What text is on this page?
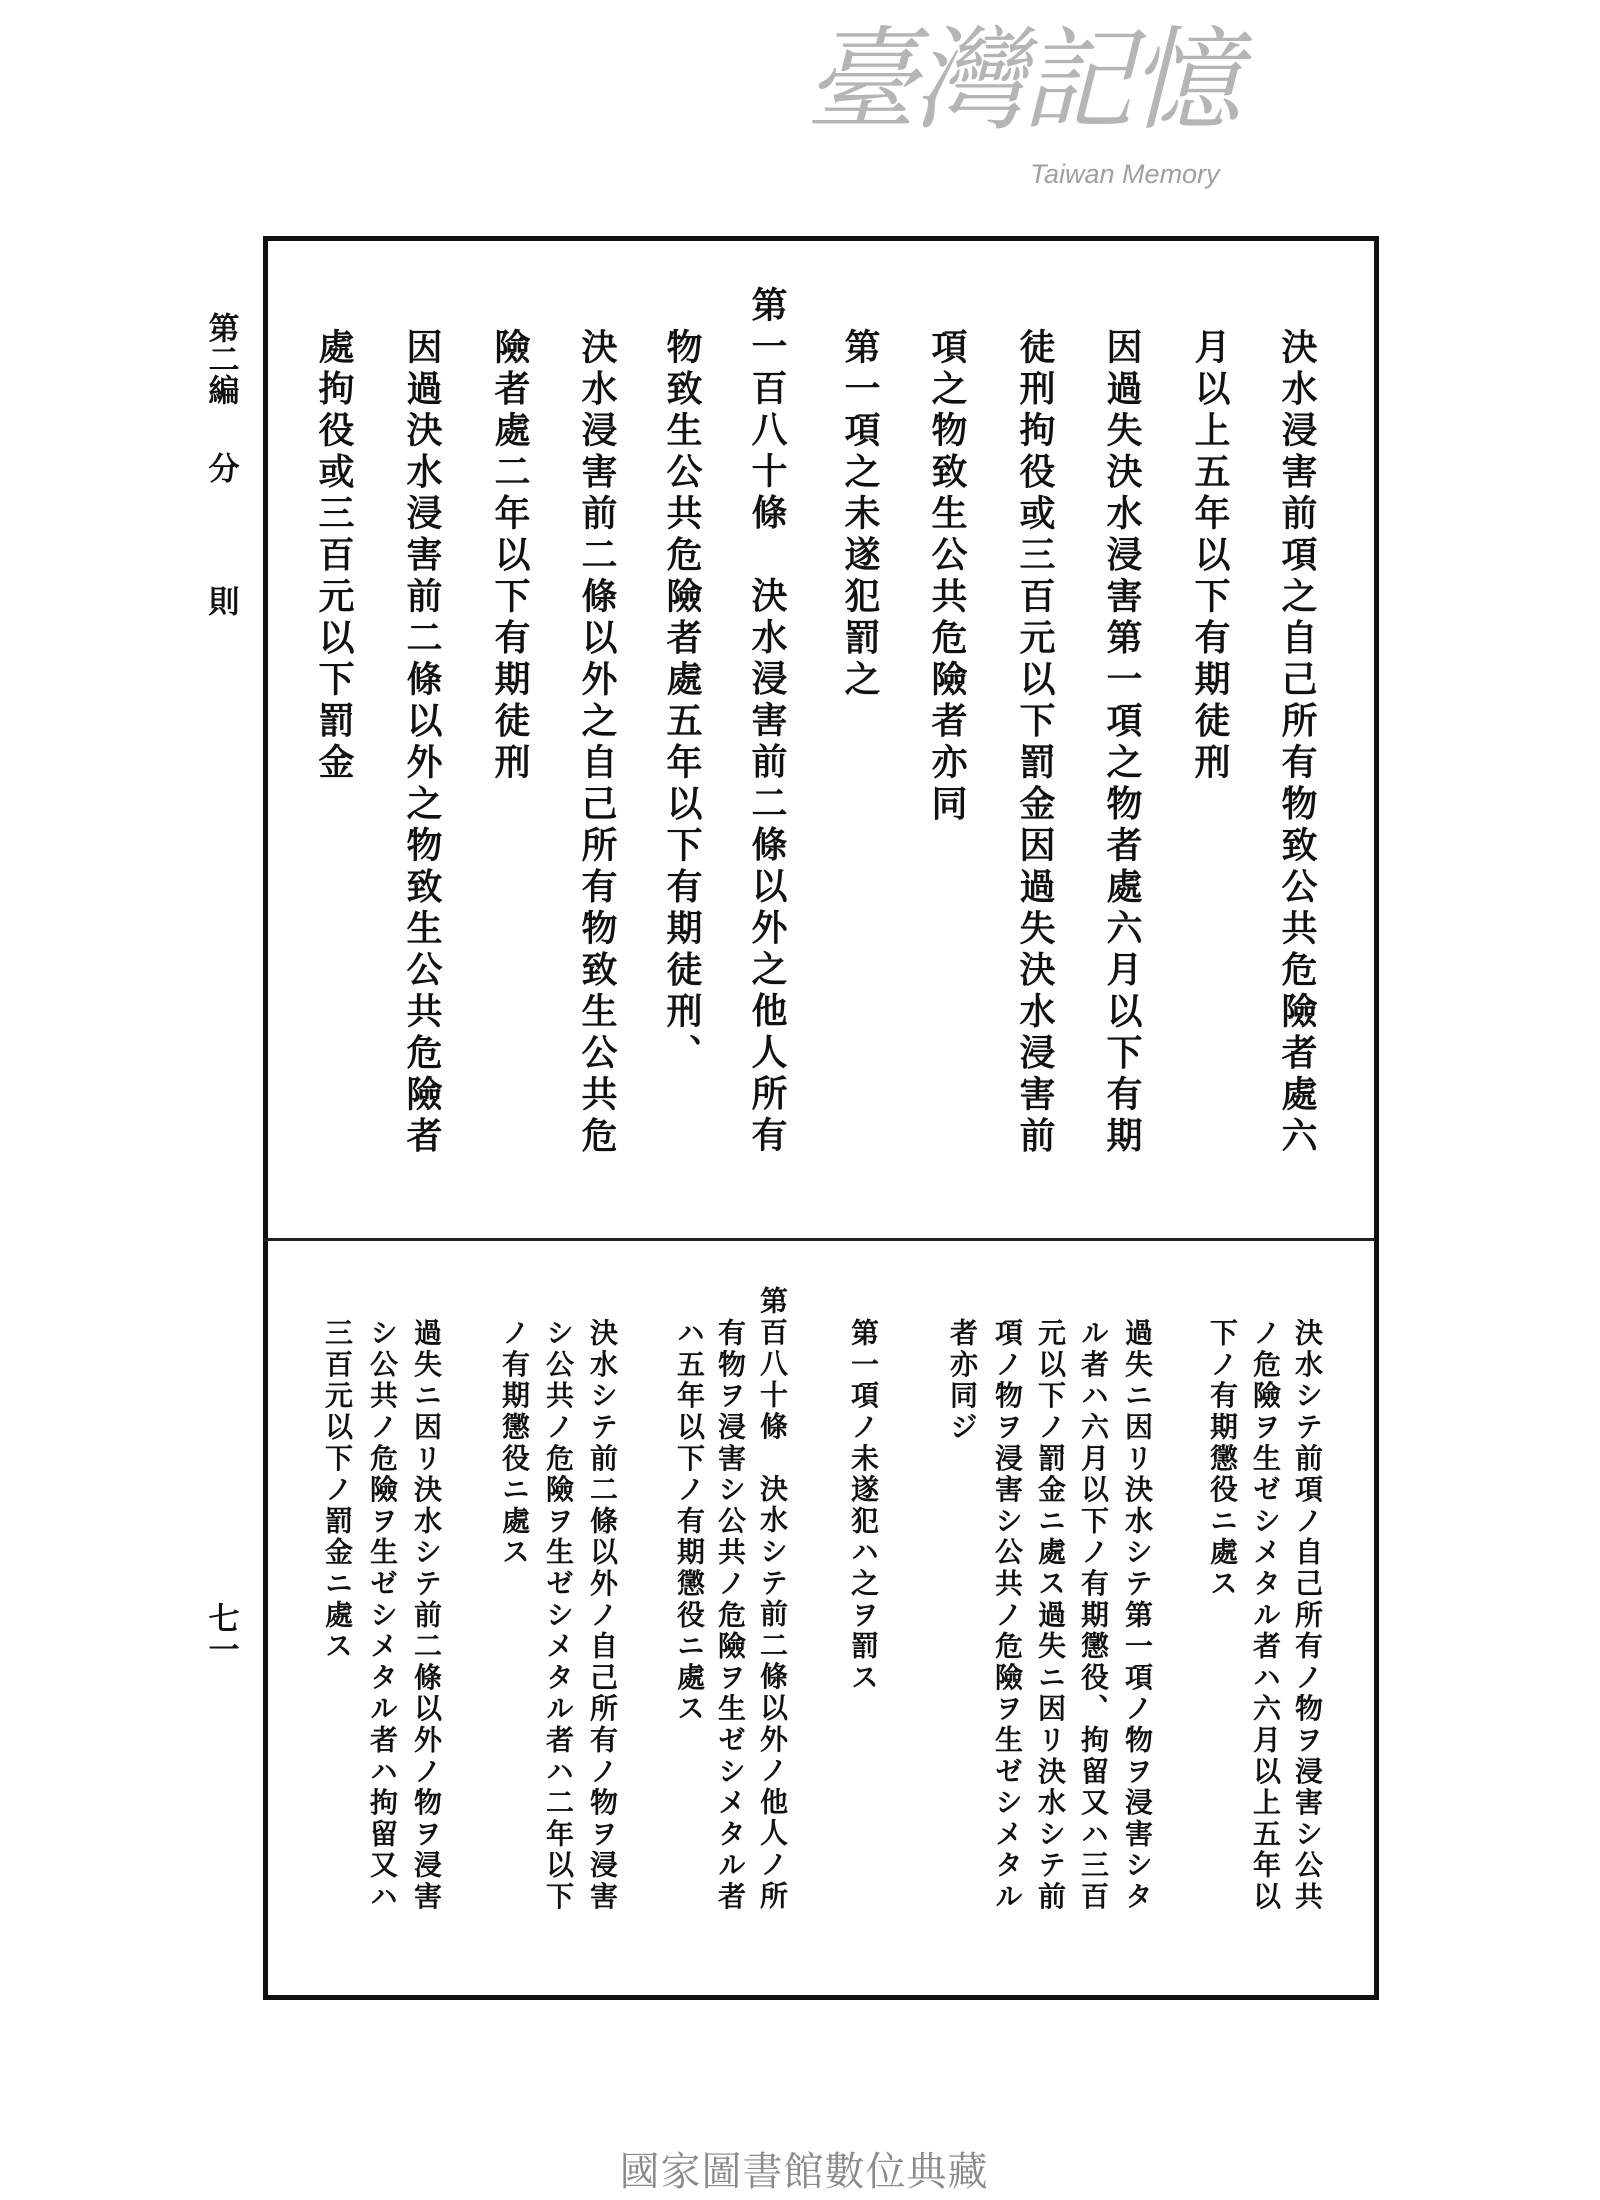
第二編
分
則
七一
決水浸害前項之自己所有物致公共危險者處六
月以上五年以下有期徒刑
因過失決水浸害第一項之物者處六月以下有期
徒刑拘役或三百元以下罰金因過失決水浸害前
項之物致生公共危險者亦同
第一項之未遂犯罰之
第一百八十條　決水浸害前二條以外之他人所有
物致生公共危險者處五年以下有期徒刑、
決水浸害前二條以外之自己所有物致生公共危
險者處二年以下有期徒刑
因過決水浸害前二條以外之物致生公共危險者
處拘役或三百元以下罰金
決水シテ前項ノ自己所有ノ物ヲ浸害シ公共
ノ危險ヲ生ゼシメタル者ハ六月以上五年以
下ノ有期懲役ニ處ス
過失ニ因リ決水シテ第一項ノ物ヲ浸害シタ
ル者ハ六月以下ノ有期懲役、拘留又ハ三百
元以下ノ罰金ニ處ス過失ニ因リ決水シテ前
項ノ物ヲ浸害シ公共ノ危險ヲ生ゼシメタル
者亦同ジ
第一項ノ未遂犯ハ之ヲ罰ス
第百八十條　決水シテ前二條以外ノ他人ノ所
有物ヲ浸害シ公共ノ危險ヲ生ゼシメタル者
ハ五年以下ノ有期懲役ニ處ス
決水シテ前二條以外ノ自己所有ノ物ヲ浸害
シ公共ノ危險ヲ生ゼシメタル者ハ二年以下
ノ有期懲役ニ處ス
過失ニ因リ決水シテ前二條以外ノ物ヲ浸害
シ公共ノ危險ヲ生ゼシメタル者ハ拘留又ハ
三百元以下ノ罰金ニ處ス
臺灣記憶
Taiwan Memory
國家圖書館數位典藏
